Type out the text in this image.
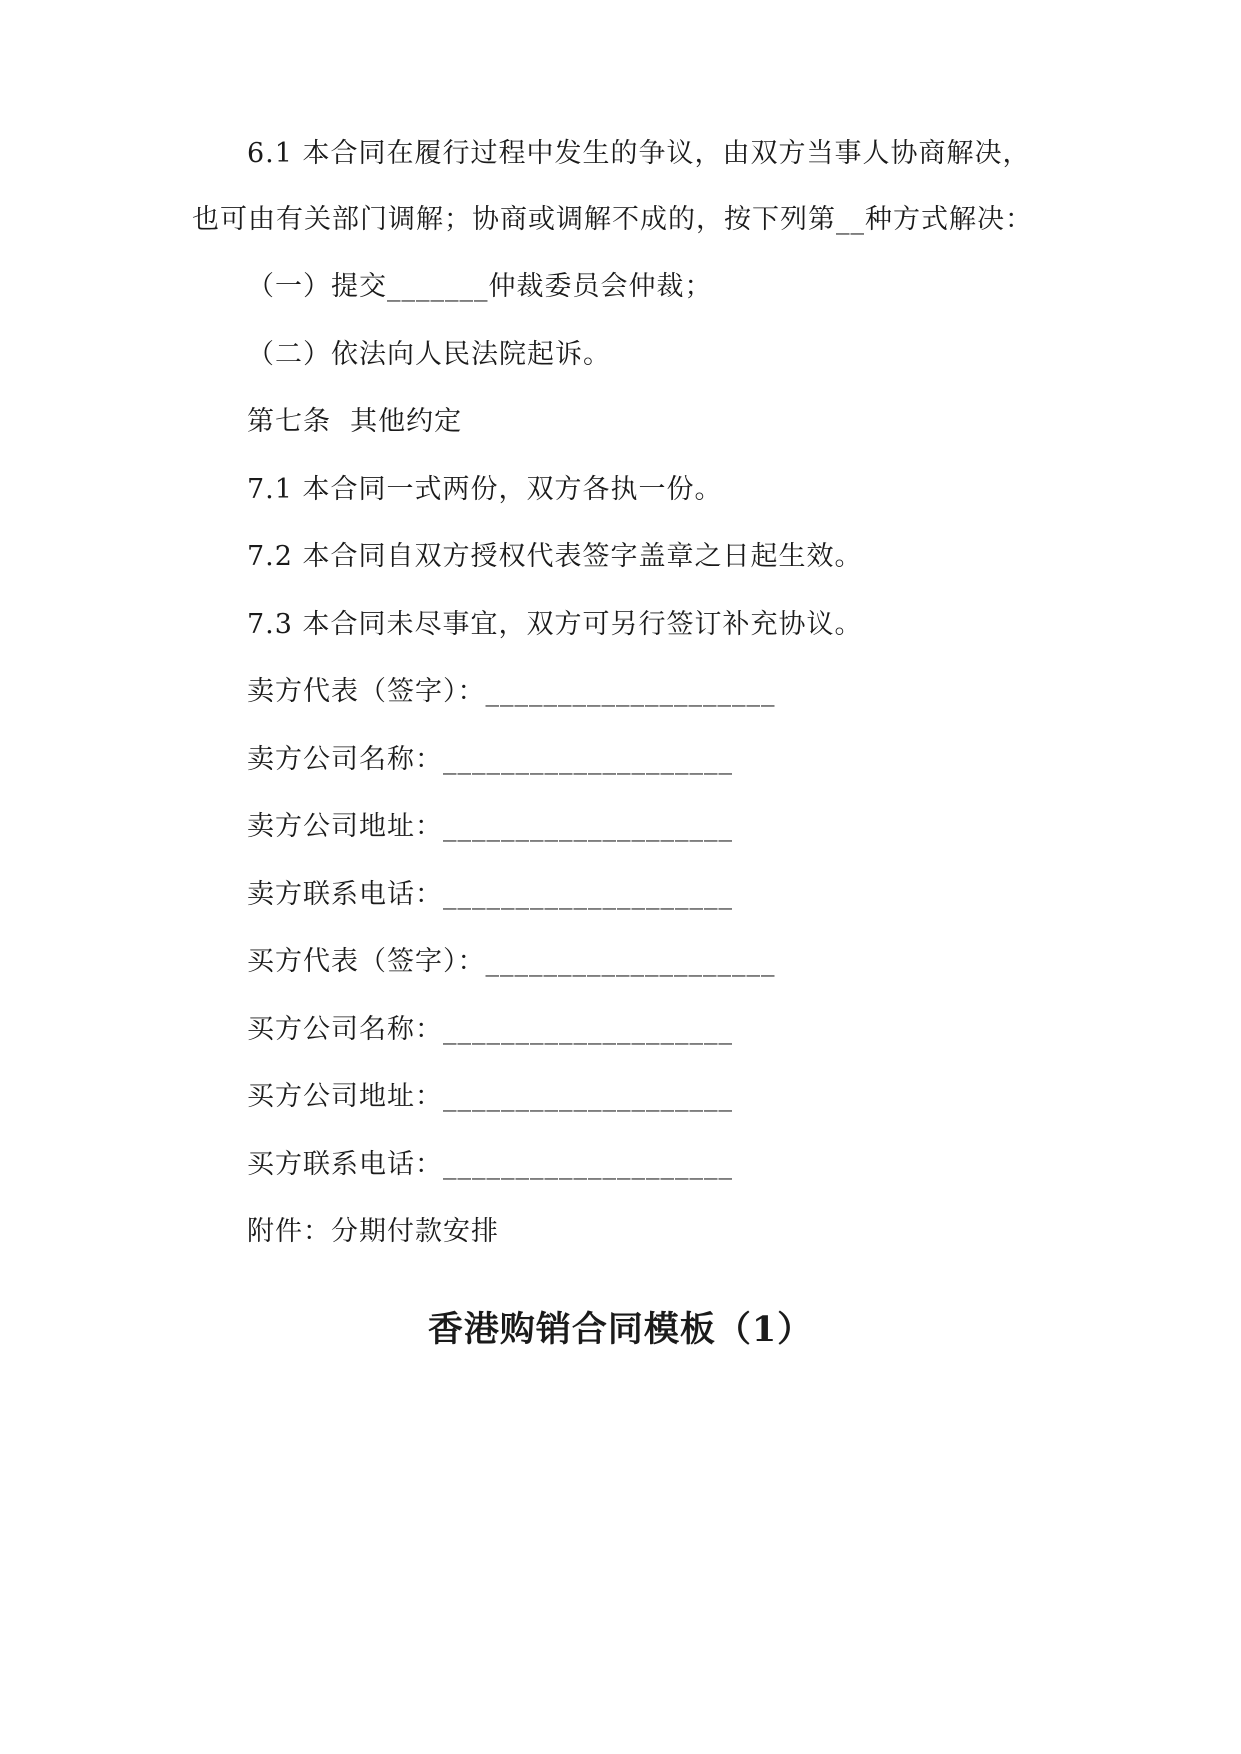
6.1 本合同在履行过程中发生的争议，由双方当事人协商解决，
也可由有关部门调解；协商或调解不成的，按下列第__种方式解决：
（一）提交_______仲裁委员会仲裁；
（二）依法向人民法院起诉。
第七条  其他约定
7.1 本合同一式两份，双方各执一份。
7.2 本合同自双方授权代表签字盖章之日起生效。
7.3 本合同未尽事宜，双方可另行签订补充协议。
卖方代表（签字）：____________________
卖方公司名称：____________________
卖方公司地址：____________________
卖方联系电话：____________________
买方代表（签字）：____________________
买方公司名称：____________________
买方公司地址：____________________
买方联系电话：____________________
附件：分期付款安排
香港购销合同模板（1）
